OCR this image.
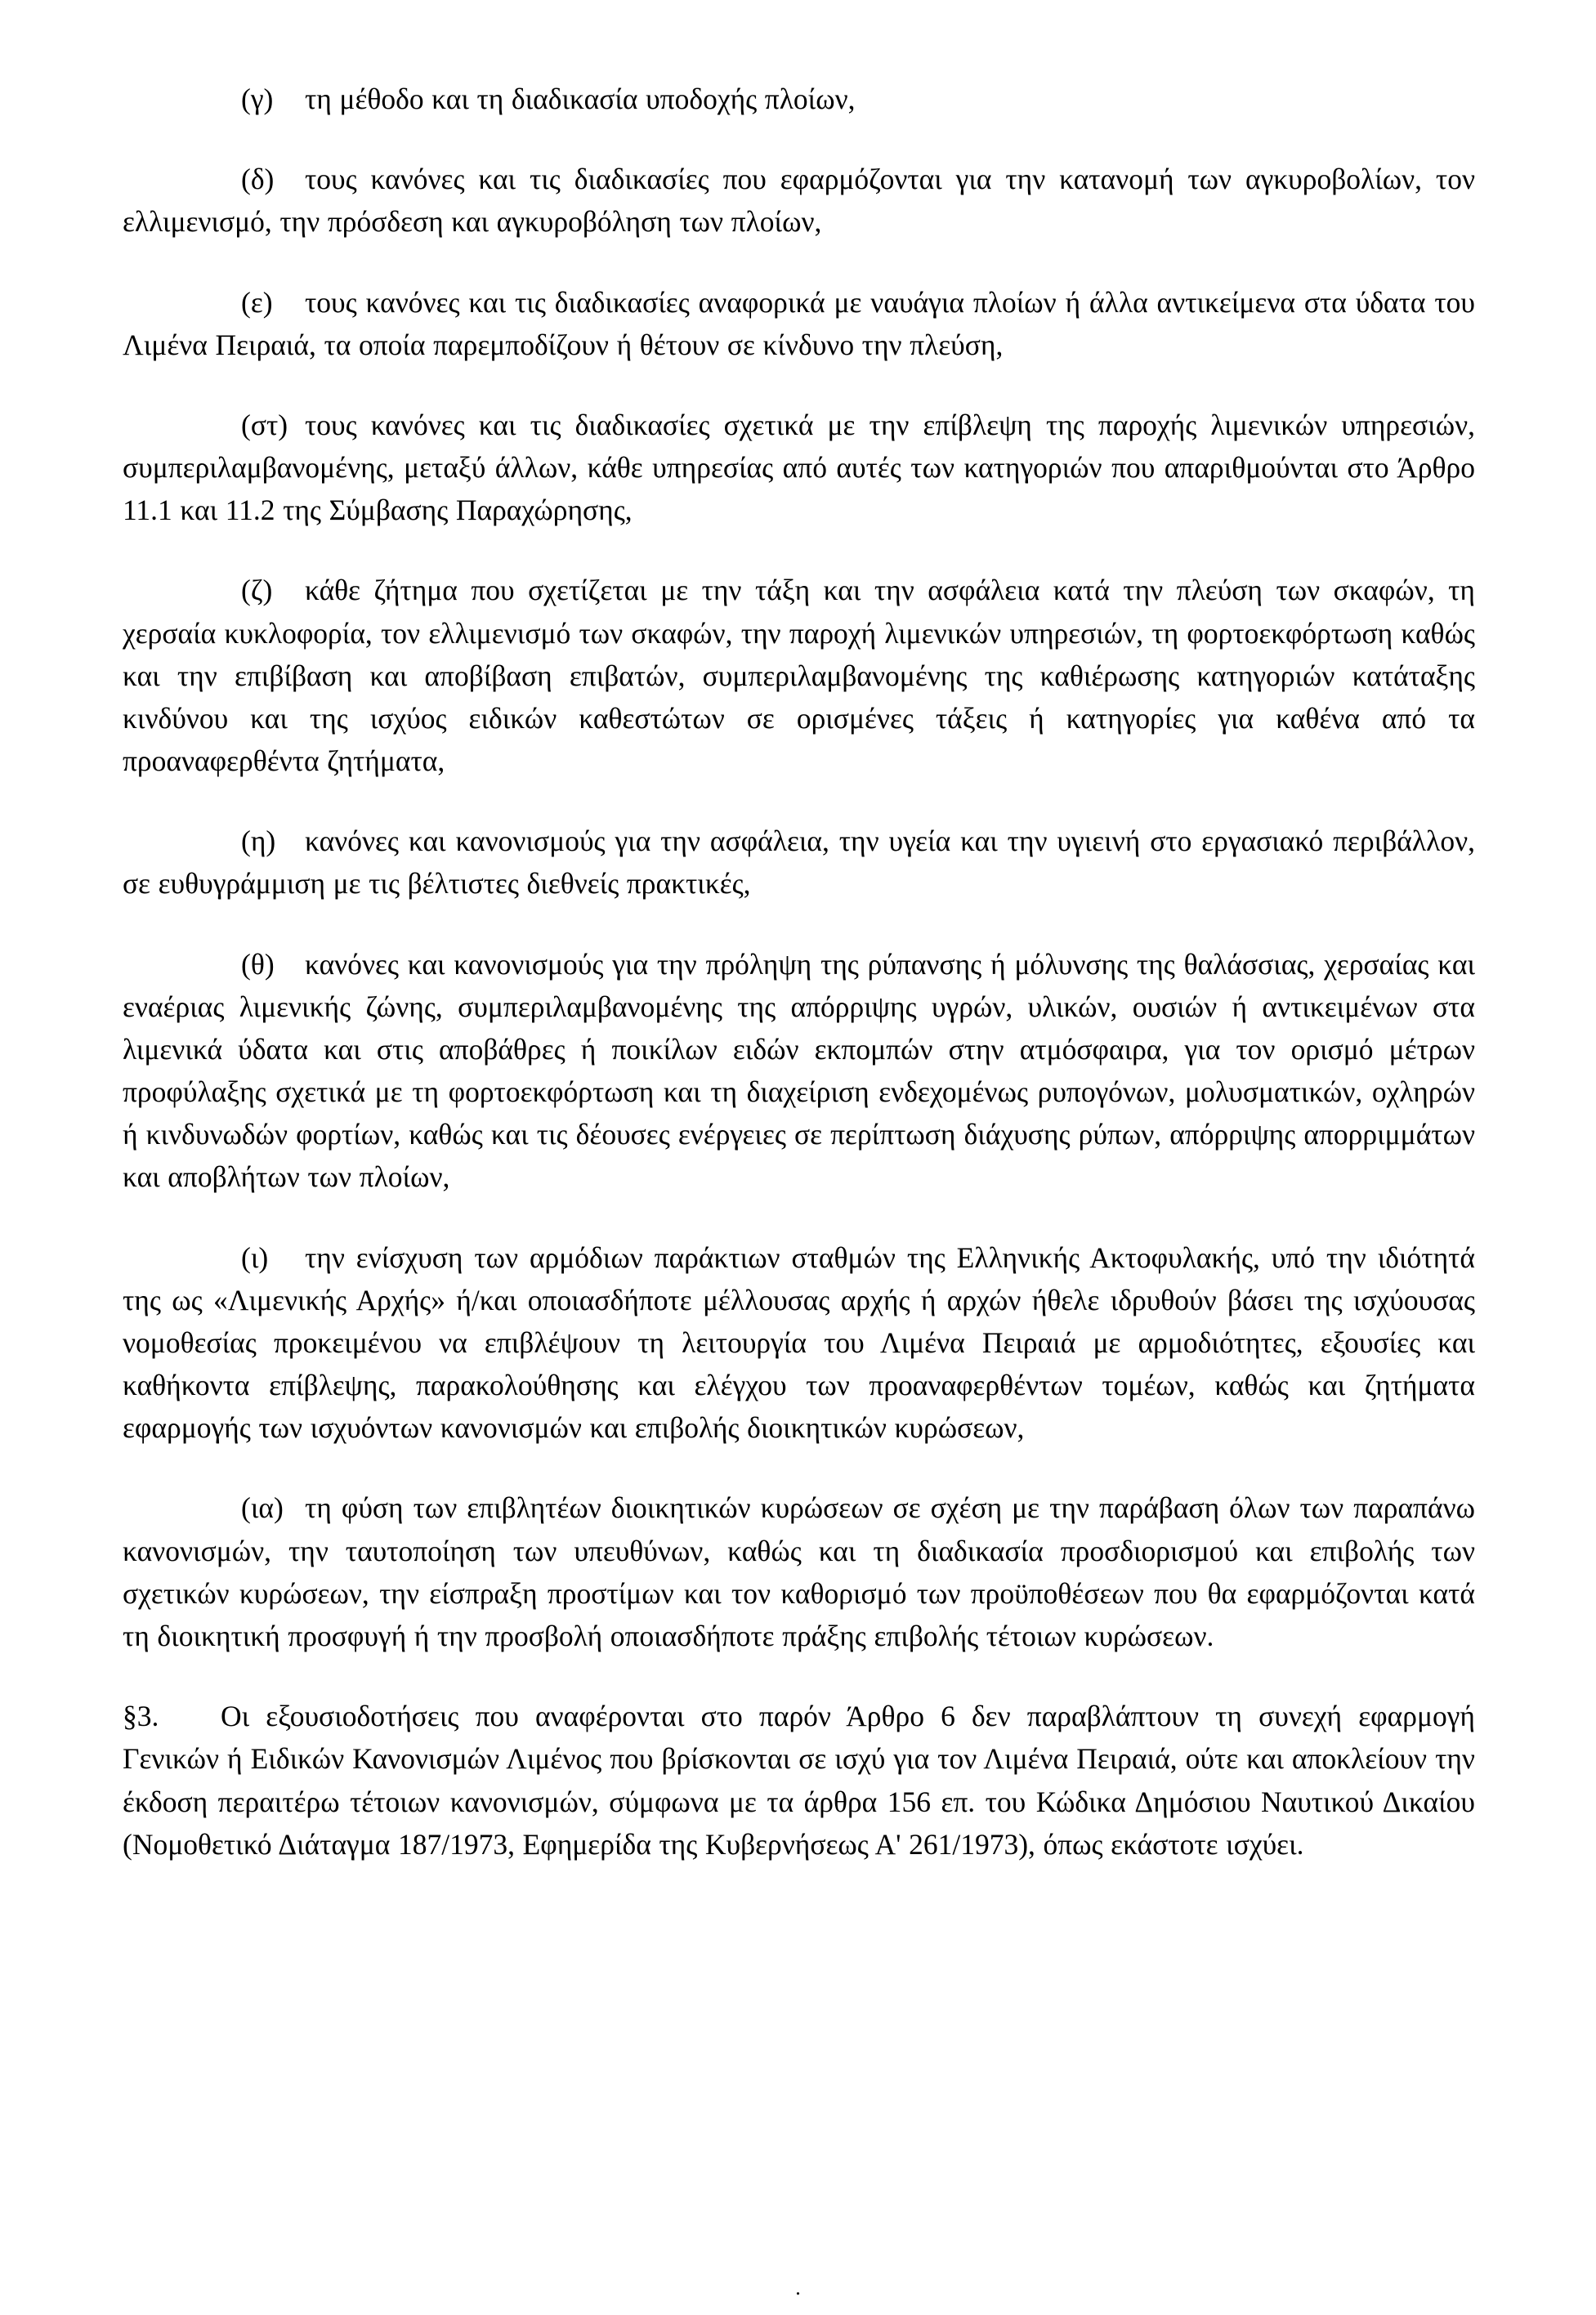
(γ) τη μέθοδο και τη διαδικασία υποδοχής πλοίων,

(δ) τους κανόνες και τις διαδικασίες που εφαρμόζονται για την κατανομή των αγκυροβολίων, τον ελλιμενισμό, την πρόσδεση και αγκυροβόληση των πλοίων,

(ε) τους κανόνες και τις διαδικασίες αναφορικά με ναυάγια πλοίων ή άλλα αντικείμενα στα ύδατα του Λιμένα Πειραιά, τα οποία παρεμποδίζουν ή θέτουν σε κίνδυνο την πλεύση,

(στ) τους κανόνες και τις διαδικασίες σχετικά με την επίβλεψη της παροχής λιμενικών υπηρεσιών, συμπεριλαμβανομένης, μεταξύ άλλων, κάθε υπηρεσίας από αυτές των κατηγοριών που απαριθμούνται στο Άρθρο 11.1 και 11.2 της Σύμβασης Παραχώρησης,

(ζ) κάθε ζήτημα που σχετίζεται με την τάξη και την ασφάλεια κατά την πλεύση των σκαφών, τη χερσαία κυκλοφορία, τον ελλιμενισμό των σκαφών, την παροχή λιμενικών υπηρεσιών, τη φορτοεκφόρτωση καθώς και την επιβίβαση και αποβίβαση επιβατών, συμπεριλαμβανομένης της καθιέρωσης κατηγοριών κατάταξης κινδύνου και της ισχύος ειδικών καθεστώτων σε ορισμένες τάξεις ή κατηγορίες για καθένα από τα προαναφερθέντα ζητήματα,

(η) κανόνες και κανονισμούς για την ασφάλεια, την υγεία και την υγιεινή στο εργασιακό περιβάλλον, σε ευθυγράμμιση με τις βέλτιστες διεθνείς πρακτικές,

(θ) κανόνες και κανονισμούς για την πρόληψη της ρύπανσης ή μόλυνσης της θαλάσσιας, χερσαίας και εναέριας λιμενικής ζώνης, συμπεριλαμβανομένης της απόρριψης υγρών, υλικών, ουσιών ή αντικειμένων στα λιμενικά ύδατα και στις αποβάθρες ή ποικίλων ειδών εκπομπών στην ατμόσφαιρα, για τον ορισμό μέτρων προφύλαξης σχετικά με τη φορτοεκφόρτωση και τη διαχείριση ενδεχομένως ρυπογόνων, μολυσματικών, οχληρών ή κινδυνωδών φορτίων, καθώς και τις δέουσες ενέργειες σε περίπτωση διάχυσης ρύπων, απόρριψης απορριμμάτων και αποβλήτων των πλοίων,

(ι) την ενίσχυση των αρμόδιων παράκτιων σταθμών της Ελληνικής Ακτοφυλακής, υπό την ιδιότητά της ως «Λιμενικής Αρχής» ή/και οποιασδήποτε μέλλουσας αρχής ή αρχών ήθελε ιδρυθούν βάσει της ισχύουσας νομοθεσίας προκειμένου να επιβλέψουν τη λειτουργία του Λιμένα Πειραιά με αρμοδιότητες, εξουσίες και καθήκοντα επίβλεψης, παρακολούθησης και ελέγχου των προαναφερθέντων τομέων, καθώς και ζητήματα εφαρμογής των ισχυόντων κανονισμών και επιβολής διοικητικών κυρώσεων,

(ια) τη φύση των επιβλητέων διοικητικών κυρώσεων σε σχέση με την παράβαση όλων των παραπάνω κανονισμών, την ταυτοποίηση των υπευθύνων, καθώς και τη διαδικασία προσδιορισμού και επιβολής των σχετικών κυρώσεων, την είσπραξη προστίμων και τον καθορισμό των προϋποθέσεων που θα εφαρμόζονται κατά τη διοικητική προσφυγή ή την προσβολή οποιασδήποτε πράξης επιβολής τέτοιων κυρώσεων.

§3. Οι εξουσιοδοτήσεις που αναφέρονται στο παρόν Άρθρο 6 δεν παραβλάπτουν τη συνεχή εφαρμογή Γενικών ή Ειδικών Κανονισμών Λιμένος που βρίσκονται σε ισχύ για τον Λιμένα Πειραιά, ούτε και αποκλείουν την έκδοση περαιτέρω τέτοιων κανονισμών, σύμφωνα με τα άρθρα 156 επ. του Κώδικα Δημόσιου Ναυτικού Δικαίου (Νομοθετικό Διάταγμα 187/1973, Εφημερίδα της Κυβερνήσεως Α' 261/1973), όπως εκάστοτε ισχύει.

.
